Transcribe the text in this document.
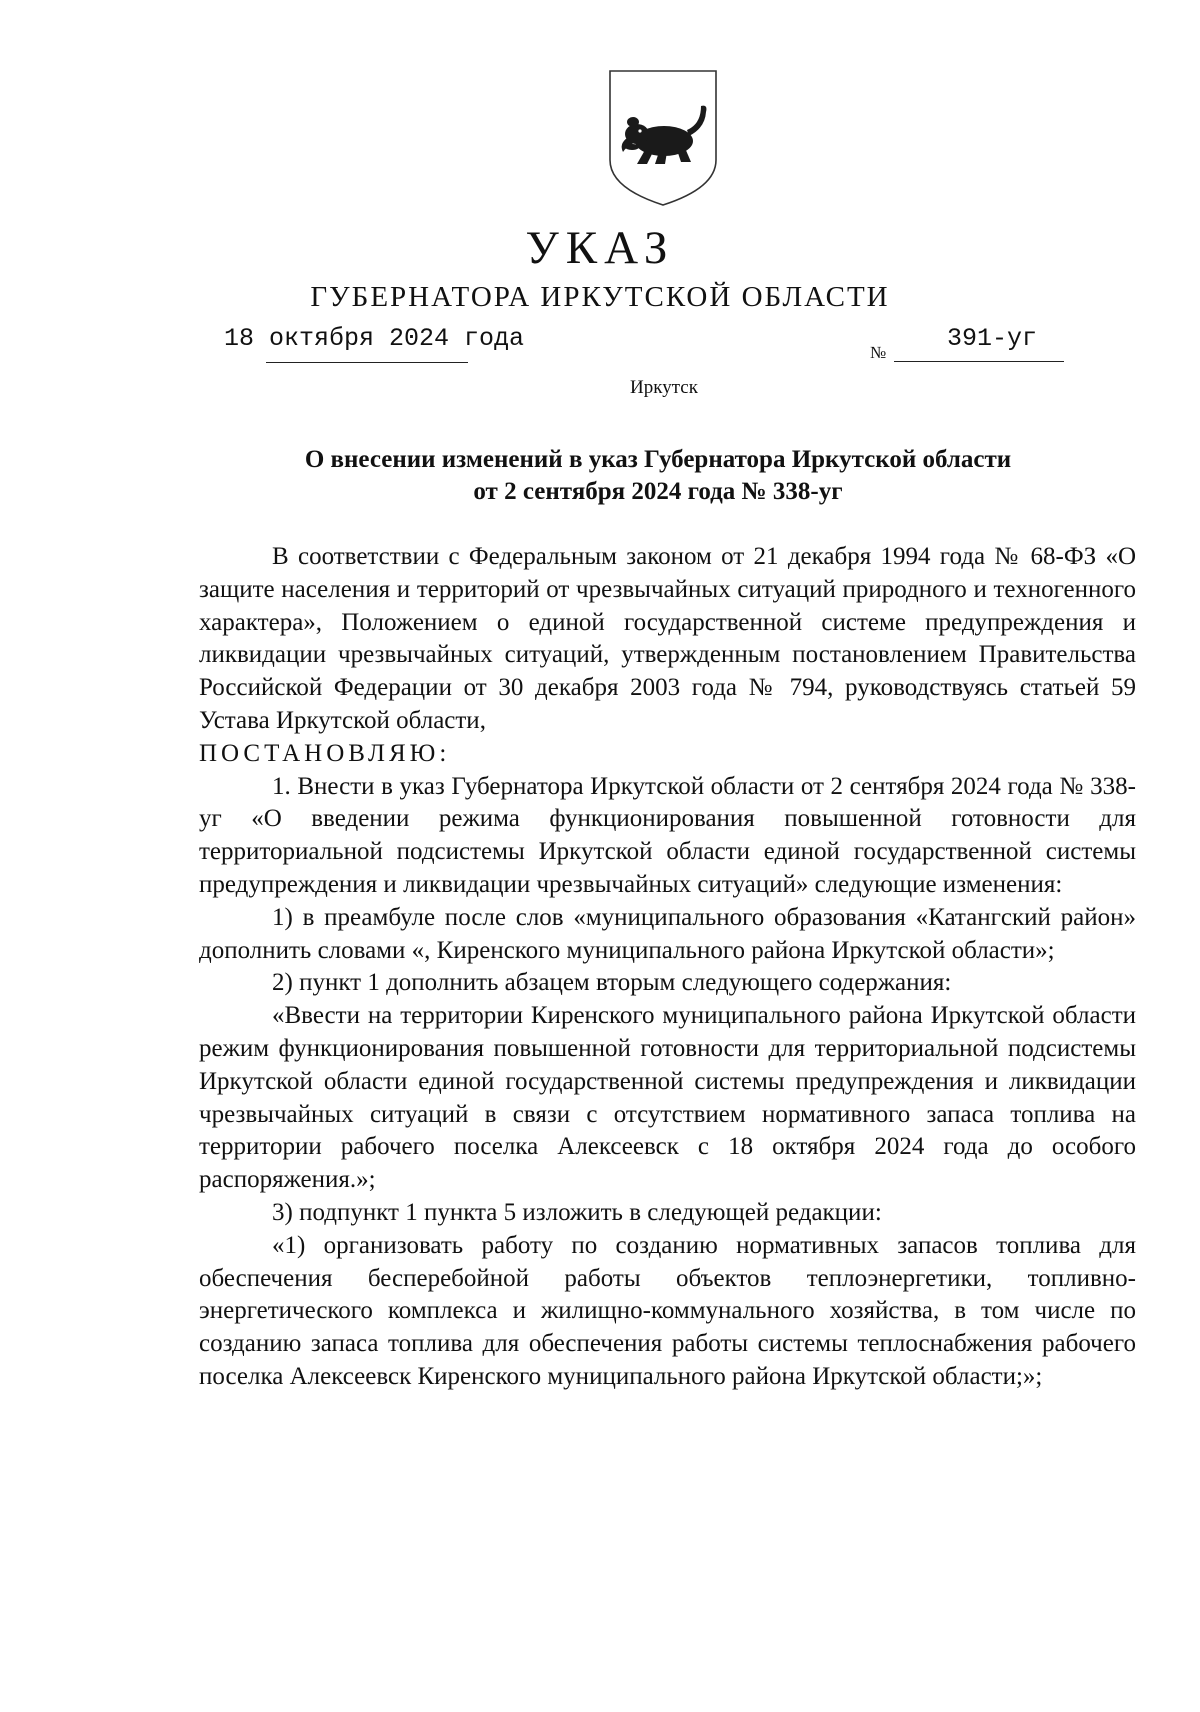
УКАЗ
ГУБЕРНАТОРА ИРКУТСКОЙ ОБЛАСТИ
18 октября 2024 года	№ 391-уг
Иркутск
О внесении изменений в указ Губернатора Иркутской области
от 2 сентября 2024 года № 338-уг

В соответствии с Федеральным законом от 21 декабря 1994 года № 68-ФЗ «О защите населения и территорий от чрезвычайных ситуаций природного и техногенного характера», Положением о единой государственной системе предупреждения и ликвидации чрезвычайных ситуаций, утвержденным постановлением Правительства Российской Федерации от 30 декабря 2003 года № 794, руководствуясь статьей 59 Устава Иркутской области,

ПОСТАНОВЛЯЮ:

1. Внести в указ Губернатора Иркутской области от 2 сентября 2024 года № 338-уг «О введении режима функционирования повышенной готовности для территориальной подсистемы Иркутской области единой государственной системы предупреждения и ликвидации чрезвычайных ситуаций» следующие изменения:

1) в преамбуле после слов «муниципального образования «Катангский район» дополнить словами «, Киренского муниципального района Иркутской области»;

2) пункт 1 дополнить абзацем вторым следующего содержания:

«Ввести на территории Киренского муниципального района Иркутской области режим функционирования повышенной готовности для территориальной подсистемы Иркутской области единой государственной системы предупреждения и ликвидации чрезвычайных ситуаций в связи с отсутствием нормативного запаса топлива на территории рабочего поселка Алексеевск с 18 октября 2024 года до особого распоряжения.»;

3) подпункт 1 пункта 5 изложить в следующей редакции:

«1) организовать работу по созданию нормативных запасов топлива для обеспечения бесперебойной работы объектов теплоэнергетики, топливно-энергетического комплекса и жилищно-коммунального хозяйства, в том числе по созданию запаса топлива для обеспечения работы системы теплоснабжения рабочего поселка Алексеевск Киренского муниципального района Иркутской области;»;
